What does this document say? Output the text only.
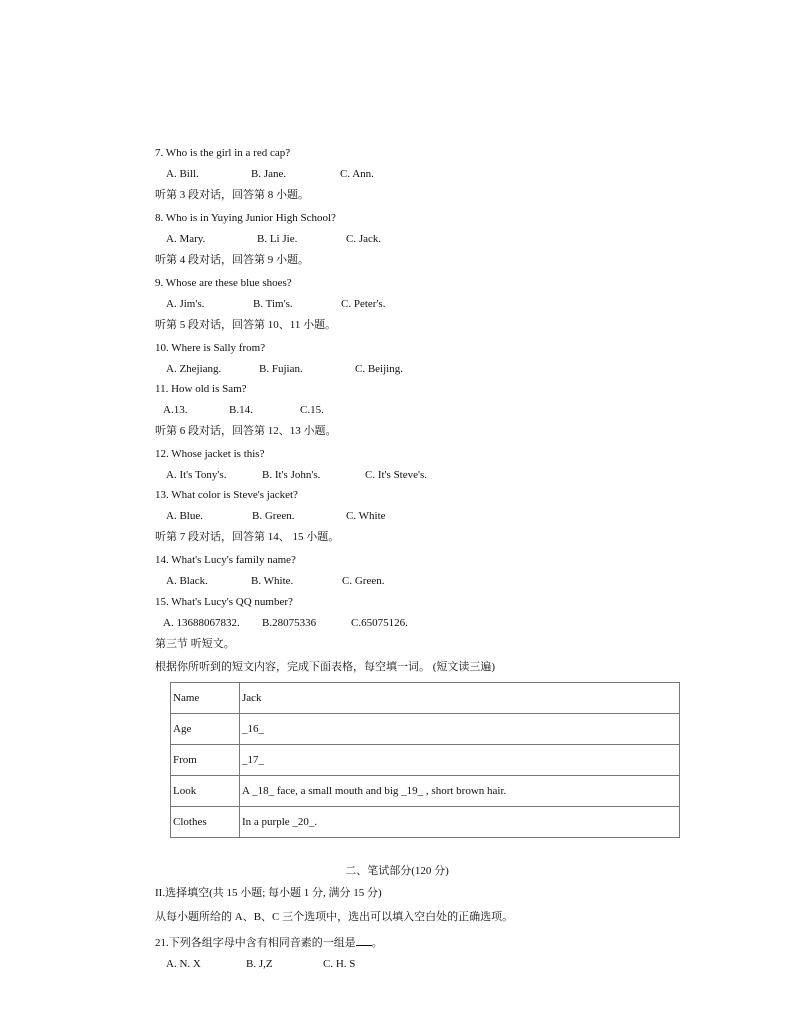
7. Who is the girl in a red cap?
A. Bill.	B. Jane.	C. Ann.
听第 3 段对话，回答第 8 小题。
8. Who is in Yuying Junior High School?
A. Mary.	B. Li Jie.	C. Jack.
听第 4 段对话，回答第 9 小题。
9. Whose are these blue shoes?
A. Jim's.	B. Tim's.	C. Peter's.
听第 5 段对话，回答第 10、11 小题。
10. Where is Sally from?
A. Zhejiang.	B. Fujian.	C. Beijing.
11. How old is Sam?
A.13.	B.14.	C.15.
听第 6 段对话，回答第 12、13 小题。
12. Whose jacket is this?
A. It's Tony's.	B. It's John's.	C. It's Steve's.
13. What color is Steve's jacket?
A. Blue.	B. Green.	C. White
听第 7 段对话，回答第 14、 15 小题。
14. What's Lucy's family name?
A. Black.	B. White.	C. Green.
15. What's Lucy's QQ number?
A. 13688067832. B.28075336	C.65075126.
第三节 听短文。
根据你所听到的短文内容，完成下面表格，每空填一词。 (短文读三遍)
Name	Jack
Age	_16_
From	_17_
Look	A _18_ face, a small mouth and big _19_ , short brown hair.
Clothes	In a purple _20_.
二、笔试部分(120 分)
II.选择填空(共 15 小题; 每小题 1 分, 满分 15 分)
从每小题所给的 A、B、C 三个选项中，选出可以填入空白处的正确选项。
21.下列各组字母中含有相同音素的一组是 。
A. N. X	B. J,Z	C. H. S
